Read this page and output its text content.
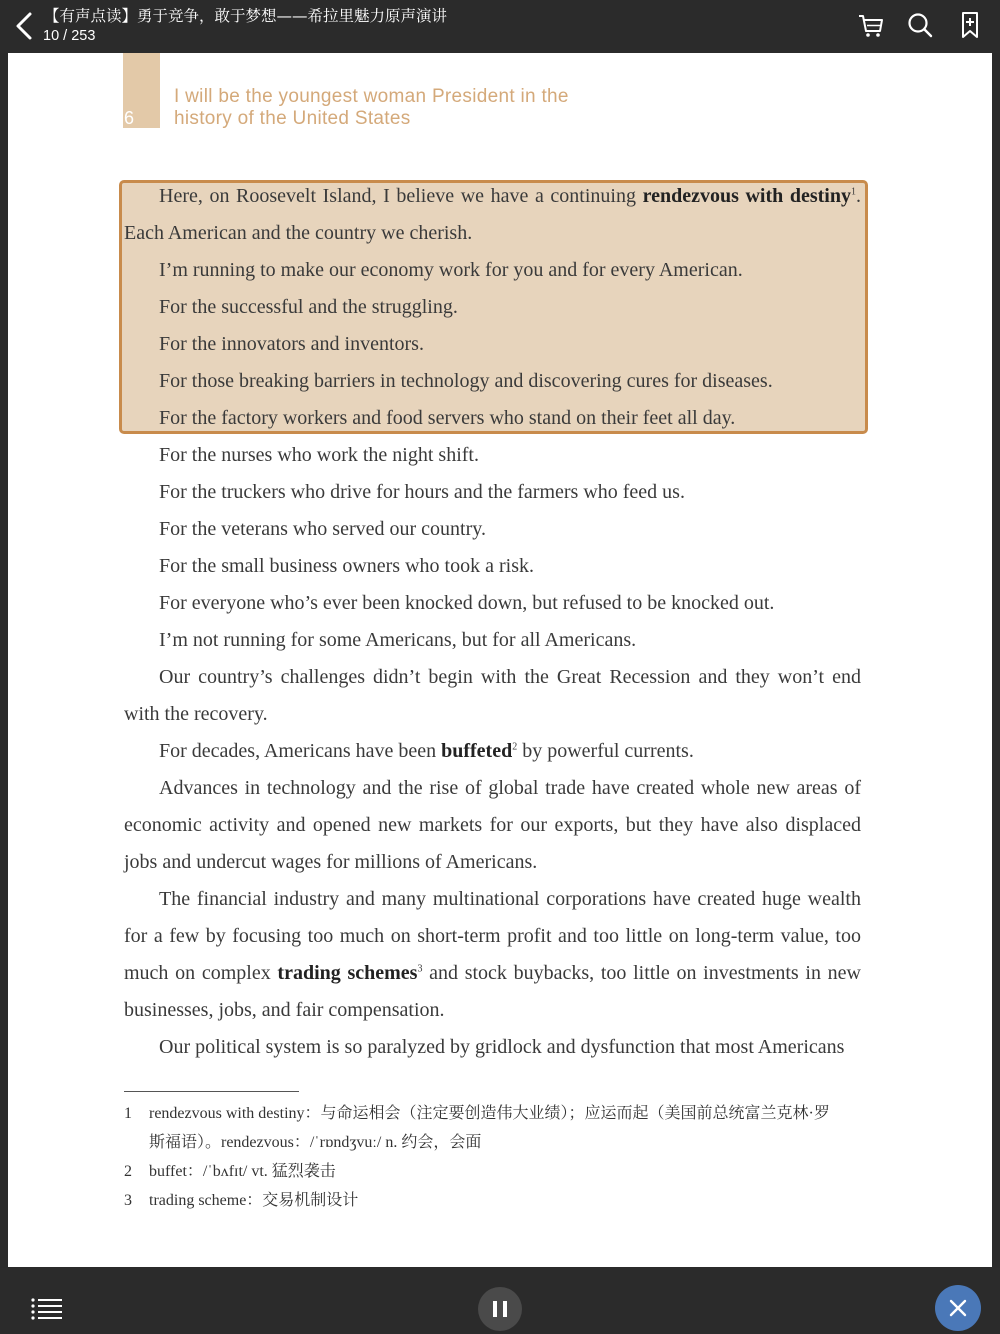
【有声点读】勇于竞争，敢于梦想——希拉里魅力原声演讲
10 / 253
6
I will be the youngest woman President in the
history of the United States

Here, on Roosevelt Island, I believe we have a continuing rendezvous with destiny$^1$. Each American and the country we cherish.

I’m running to make our economy work for you and for every American.

For the successful and the struggling.

For the innovators and inventors.

For those breaking barriers in technology and discovering cures for diseases.

For the factory workers and food servers who stand on their feet all day.

For the nurses who work the night shift.

For the truckers who drive for hours and the farmers who feed us.

For the veterans who served our country.

For the small business owners who took a risk.

For everyone who’s ever been knocked down, but refused to be knocked out.

I’m not running for some Americans, but for all Americans.

Our country’s challenges didn’t begin with the Great Recession and they won’t end with the recovery.

For decades, Americans have been buffeted$^2$ by powerful currents.

Advances in technology and the rise of global trade have created whole new areas of economic activity and opened new markets for our exports, but they have also displaced jobs and undercut wages for millions of Americans.

The financial industry and many multinational corporations have created huge wealth for a few by focusing too much on short-term profit and too little on long-term value, too much on complex trading schemes$^3$ and stock buybacks, too little on investments in new businesses, jobs, and fair compensation.

Our political system is so paralyzed by gridlock and dysfunction that most Americans

1	rendezvous with destiny：与命运相会（注定要创造伟大业绩）；应运而起（美国前总统富兰克林·罗
斯福语）。rendezvous：/ˈrɒndʒvuː/ n. 约会，会面
2	buffet：/ˈbʌfɪt/ vt. 猛烈袭击
3	trading scheme：交易机制设计
